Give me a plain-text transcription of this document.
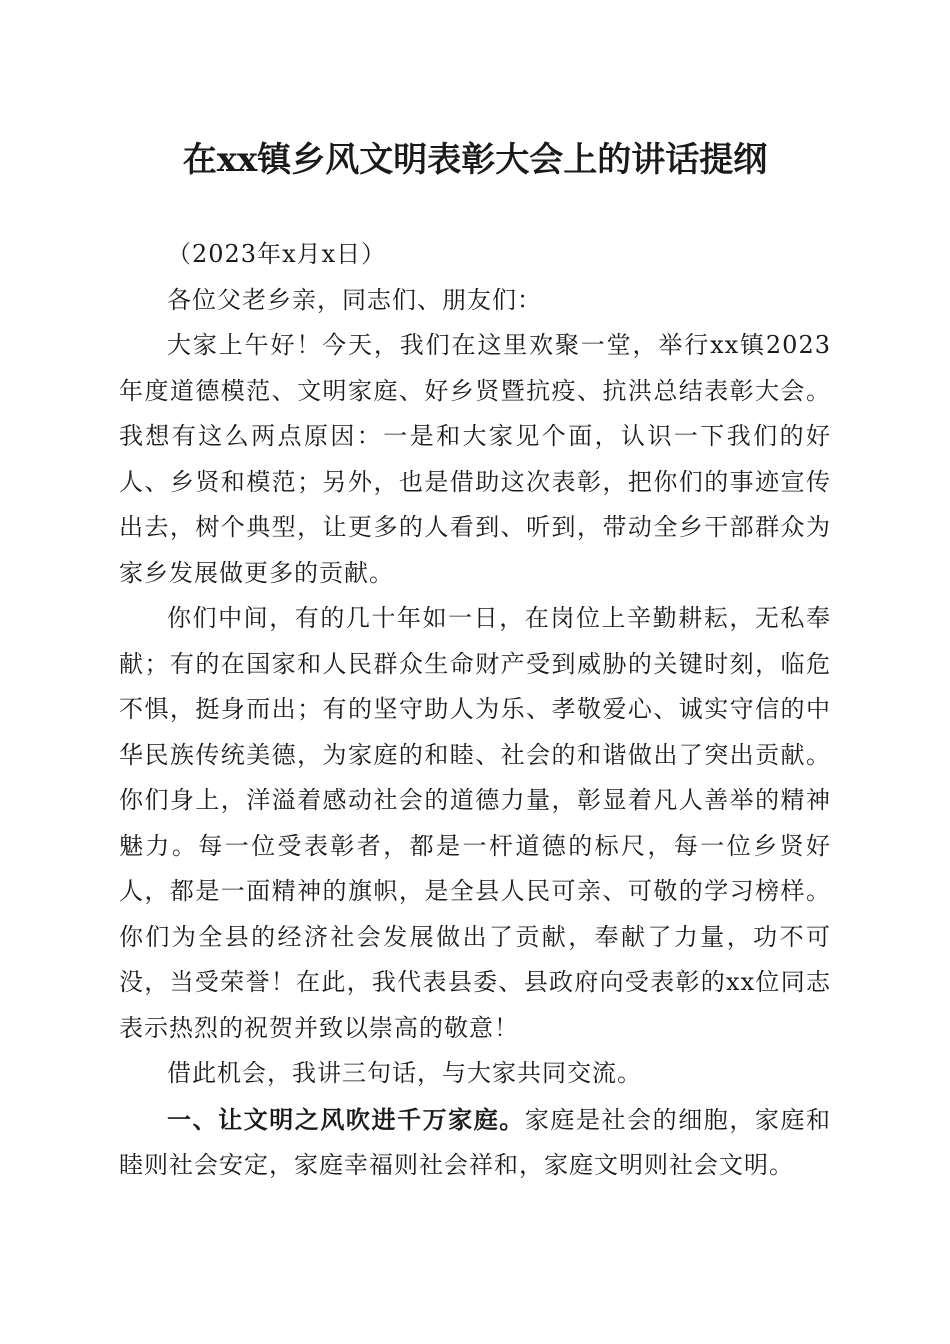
在xx镇乡风文明表彰大会上的讲话提纲

（2023年x月x日）

各位父老乡亲，同志们、朋友们：

大家上午好！今天，我们在这里欢聚一堂，举行xx镇2023年度道德模范、文明家庭、好乡贤暨抗疫、抗洪总结表彰大会。我想有这么两点原因：一是和大家见个面，认识一下我们的好人、乡贤和模范；另外，也是借助这次表彰，把你们的事迹宣传出去，树个典型，让更多的人看到、听到，带动全乡干部群众为家乡发展做更多的贡献。

你们中间，有的几十年如一日，在岗位上辛勤耕耘，无私奉献；有的在国家和人民群众生命财产受到威胁的关键时刻，临危不惧，挺身而出；有的坚守助人为乐、孝敬爱心、诚实守信的中华民族传统美德，为家庭的和睦、社会的和谐做出了突出贡献。你们身上，洋溢着感动社会的道德力量，彰显着凡人善举的精神魅力。每一位受表彰者，都是一杆道德的标尺，每一位乡贤好人，都是一面精神的旗帜，是全县人民可亲、可敬的学习榜样。你们为全县的经济社会发展做出了贡献，奉献了力量，功不可没，当受荣誉！在此，我代表县委、县政府向受表彰的xx位同志表示热烈的祝贺并致以崇高的敬意！

借此机会，我讲三句话，与大家共同交流。

一、让文明之风吹进千万家庭。家庭是社会的细胞，家庭和睦则社会安定，家庭幸福则社会祥和，家庭文明则社会文明。
